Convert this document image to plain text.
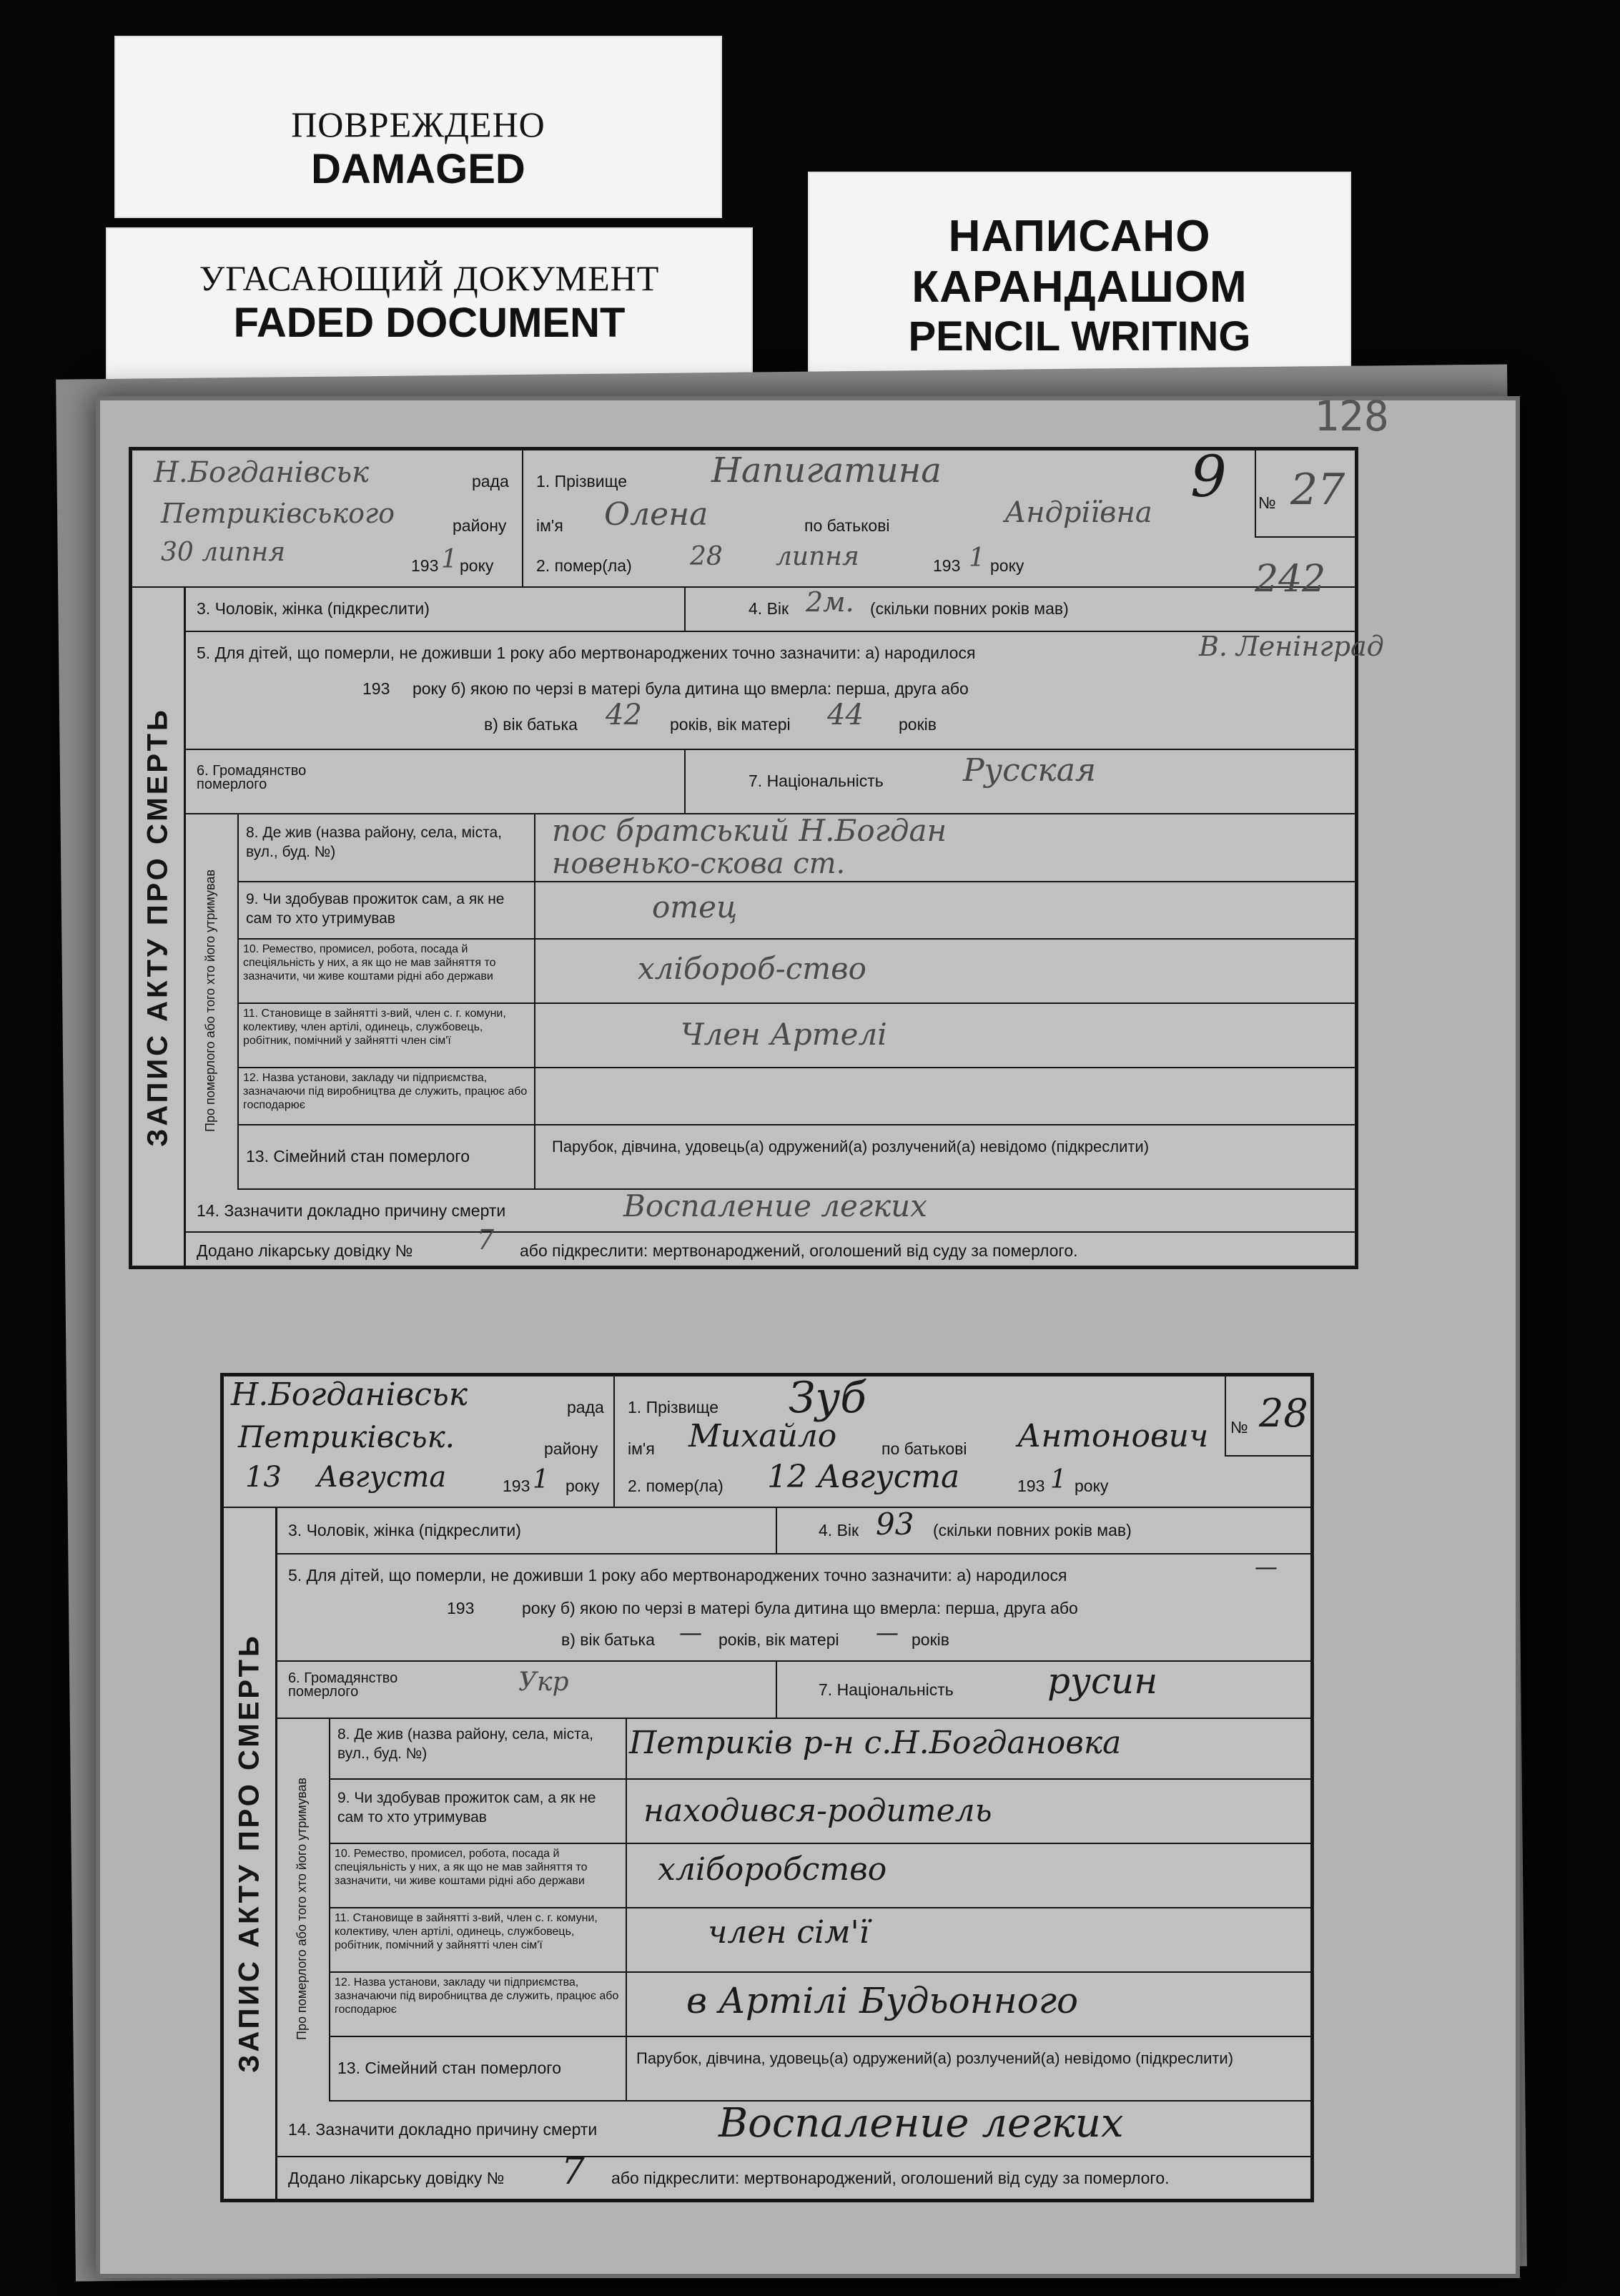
ПОВРЕЖДЕНО
DAMAGED
УГАСАЮЩИЙ ДОКУМЕНТ
FADED DOCUMENT
НАПИСАНО
КАРАНДАШОМ
PENCIL WRITING
128
ЗАПИС АКТУ ПРО СМЕРТЬ
Н.Богданівськ	рада
Петриківського	району
30 липня	193 1 року
1. Прізвище Напигатина
ім'я Олена	по батькові	Андріївна
2. помер(ла) 28 липня	193 1 року
9 № 27
3. Чоловік, жінка (підкреслити)	4. Вік 2м. (скільки повних років мав)
242
5. Для дітей, що померли, не доживши 1 року або мертвонароджених точно зазначити: а) народилося	В. Ленінград
193 року б) якою по черзі в матері була дитина що вмерла: перша, друга або
в) вік батька 42 років, вік матері 44 років
6. Громадянство померлого	7. Національність	Русская
Про померлого або того хто його утримував
8. Де жив (назва району, села, міста, вул., буд. №)
пос братський Н.Богдан
новенько-скова ст.
9. Чи здобував прожиток сам, а як не сам то хто утримував	отец
10. Ремество, промисел, робота, посада й спеціяльність у них, а як що не мав зайняття то зазначити, чи живе коштами рідні або держави	хлібороб-ство
11. Становище в зайнятті з-вий, член с. г. комуни, колективу, член артілі, одинець, службовець, робітник, помічний у зайнятті член сім'ї	Член Артелі
12. Назва установи, закладу чи підприємства, зазначаючи під виробництва де служить, працює або господарює
13. Сімейний стан померлого
Парубок, дівчина, удовець(а) одружений(а) розлучений(а) невідомо (підкреслити)
14. Зазначити докладно причину смерти	Воспаление легких
Додано лікарську довідку № 7 або підкреслити: мертвонароджений, оголошений від суду за померлого.
ЗАПИС АКТУ ПРО СМЕРТЬ
Н.Богданівськ	рада
Петриківськ.	району
13 Августа	193 1 року
1. Прізвище Зуб
ім'я Михайло	по батькові Антонович
2. помер(ла) 12 Августа	193 1 року
№ 28
3. Чоловік, жінка (підкреслити)	4. Вік 93 (скільки повних років мав)
5. Для дітей, що померли, не доживши 1 року або мертвонароджених точно зазначити: а) народилося	—
193	року б) якою по черзі в матері була дитина що вмерла: перша, друга або
в) вік батька — років, вік матері — років
6. Громадянство померлого	Укр	7. Національність	русин
Про померлого або того хто його утримував
8. Де жив (назва району, села, міста, вул., буд. №)	Петриків р-н с.Н.Богдановка
9. Чи здобував прожиток сам, а як не сам то хто утримував	находився-родитель
10. Ремество, промисел, робота, посада й спеціяльність у них, а як що не мав зайняття то зазначити, чи живе коштами рідні або держави	хліборобство
11. Становище в зайнятті з-вий, член с. г. комуни, колективу, член артілі, одинець, службовець, робітник, помічний у зайнятті член сім'ї	член сім'ї
12. Назва установи, закладу чи підприємства, зазначаючи під виробництва де служить, працює або господарює	в Артілі Будьонного
13. Сімейний стан померлого
Парубок, дівчина, удовець(а) одружений(а) розлучений(а) невідомо (підкреслити)
14. Зазначити докладно причину смерти	Воспаление легких
Додано лікарську довідку № 7 або підкреслити: мертвонароджений, оголошений від суду за померлого.
